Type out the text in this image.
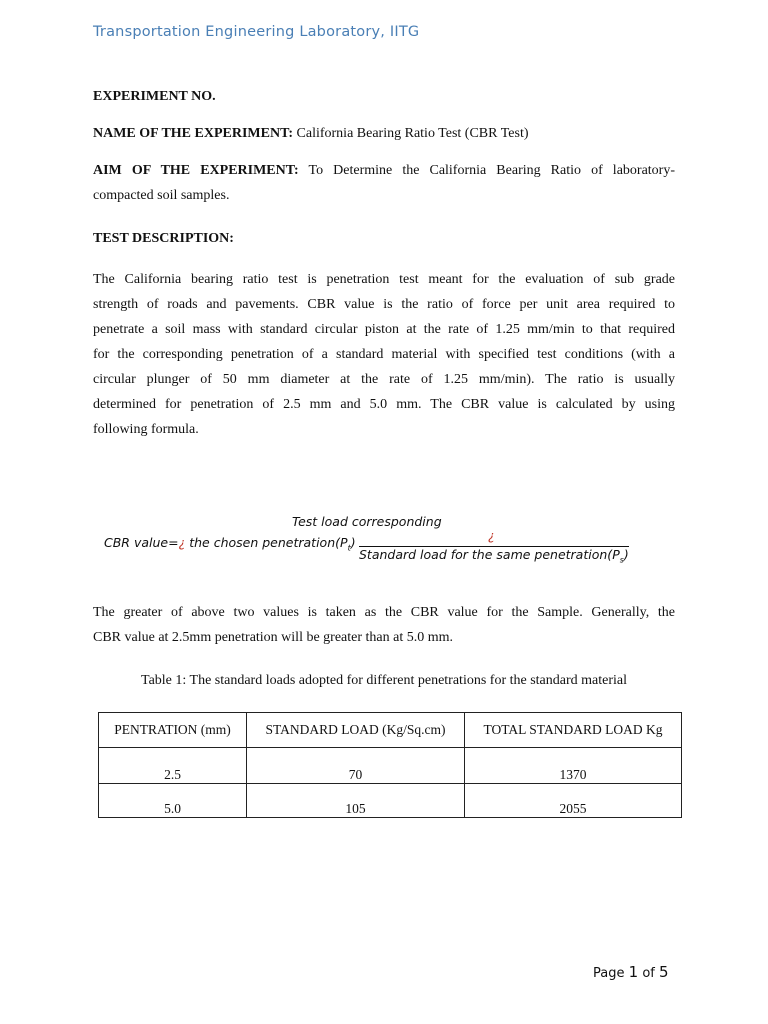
Transportation Engineering Laboratory, IITG
EXPERIMENT NO.
NAME OF THE EXPERIMENT: California Bearing Ratio Test (CBR Test)

AIM OF THE EXPERIMENT: To Determine the California Bearing Ratio of laboratory-

compacted soil samples.

TEST DESCRIPTION:

The California bearing ratio test is penetration test meant for the evaluation of sub grade

strength of roads and pavements. CBR value is the ratio of force per unit area required to

penetrate a soil mass with standard circular piston at the rate of 1.25 mm/min to that required

for the corresponding penetration of a standard material with specified test conditions (with a

circular plunger of 50 mm diameter at the rate of 1.25 mm/min). The ratio is usually

determined for penetration of 2.5 mm and 5.0 mm. The CBR value is calculated by using

following formula.

Test load corresponding
¿
CBR value=¿ the chosen $penetration(P_t)$
Standard load for the same $penetration(P_s)$

The greater of above two values is taken as the CBR value for the Sample. Generally, the

CBR value at 2.5mm penetration will be greater than at 5.0 mm.

Table 1: The standard loads adopted for different penetrations for the standard material
PENTRATION (mm)	STANDARD LOAD (Kg/Sq.cm)	TOTAL STANDARD LOAD Kg
2.5	70	1370
5.0	105	2055
Page 1 of 5
